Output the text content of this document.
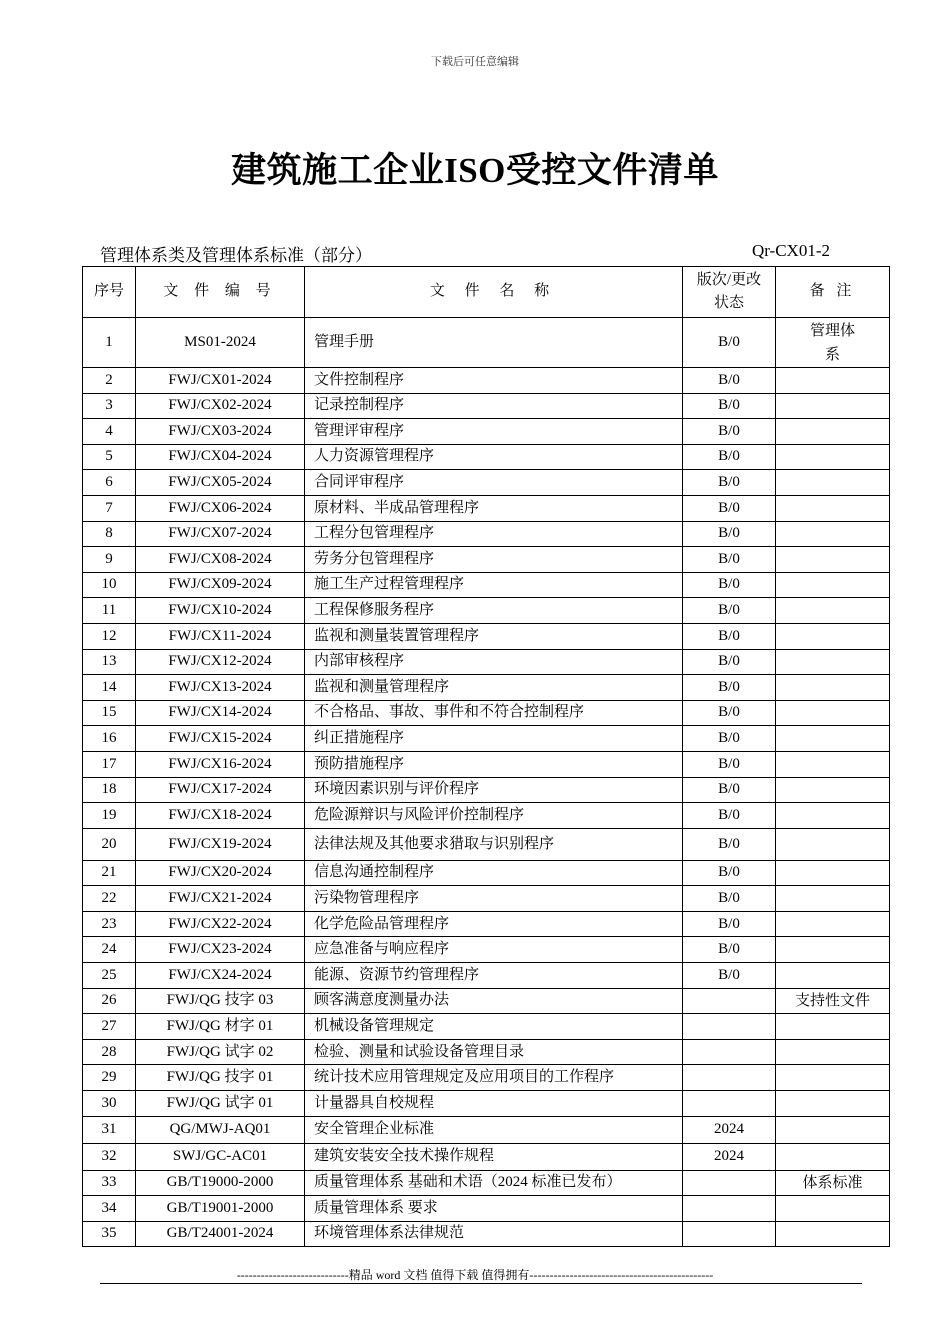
下载后可任意编辑
建筑施工企业ISO受控文件清单
管理体系类及管理体系标准（部分）	Qr-CX01-2
序号	文 件 编 号	文 件 名 称	版次/更改状态	备 注
1	MS01-2024	管理手册	B/0	管理体系
2	FWJ/CX01-2024	文件控制程序	B/0	
3	FWJ/CX02-2024	记录控制程序	B/0	
4	FWJ/CX03-2024	管理评审程序	B/0	
5	FWJ/CX04-2024	人力资源管理程序	B/0	
6	FWJ/CX05-2024	合同评审程序	B/0	
7	FWJ/CX06-2024	原材料、半成品管理程序	B/0	
8	FWJ/CX07-2024	工程分包管理程序	B/0	
9	FWJ/CX08-2024	劳务分包管理程序	B/0	
10	FWJ/CX09-2024	施工生产过程管理程序	B/0	
11	FWJ/CX10-2024	工程保修服务程序	B/0	
12	FWJ/CX11-2024	监视和测量装置管理程序	B/0	
13	FWJ/CX12-2024	内部审核程序	B/0	
14	FWJ/CX13-2024	监视和测量管理程序	B/0	
15	FWJ/CX14-2024	不合格品、事故、事件和不符合控制程序	B/0	
16	FWJ/CX15-2024	纠正措施程序	B/0	
17	FWJ/CX16-2024	预防措施程序	B/0	
18	FWJ/CX17-2024	环境因素识别与评价程序	B/0	
19	FWJ/CX18-2024	危险源辩识与风险评价控制程序	B/0	
20	FWJ/CX19-2024	法律法规及其他要求猎取与识别程序	B/0	
21	FWJ/CX20-2024	信息沟通控制程序	B/0	
22	FWJ/CX21-2024	污染物管理程序	B/0	
23	FWJ/CX22-2024	化学危险品管理程序	B/0	
24	FWJ/CX23-2024	应急准备与响应程序	B/0	
25	FWJ/CX24-2024	能源、资源节约管理程序	B/0	
26	FWJ/QG 技字 03	顾客满意度测量办法		支持性文件
27	FWJ/QG 材字 01	机械设备管理规定		
28	FWJ/QG 试字 02	检验、测量和试验设备管理目录		
29	FWJ/QG 技字 01	统计技术应用管理规定及应用项目的工作程序		
30	FWJ/QG 试字 01	计量器具自校规程		
31	QG/MWJ-AQ01	安全管理企业标准	2024	
32	SWJ/GC-AC01	建筑安装安全技术操作规程	2024	
33	GB/T19000-2000	质量管理体系 基础和术语（2024 标准已发布）		体系标准
34	GB/T19001-2000	质量管理体系 要求		
35	GB/T24001-2024	环境管理体系法律规范		
----------------------------精品 word 文档 值得下载 值得拥有----------------------------------------------
